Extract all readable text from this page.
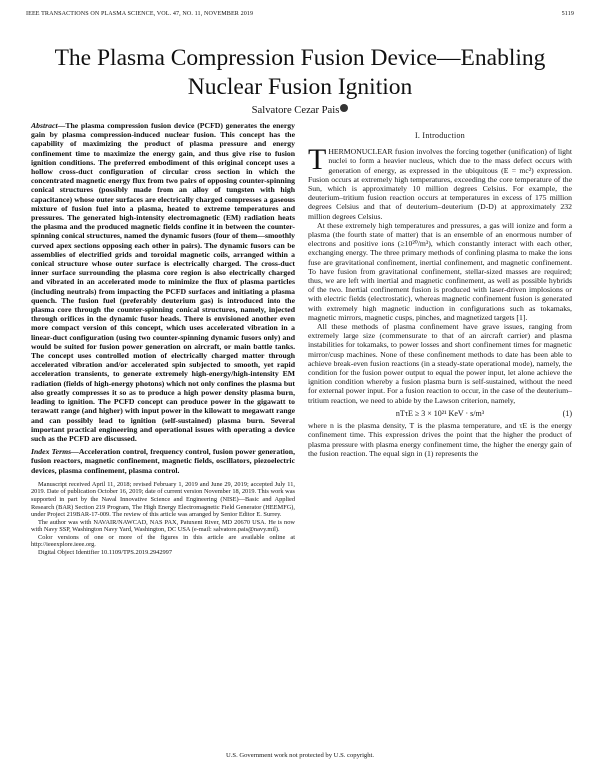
IEEE TRANSACTIONS ON PLASMA SCIENCE, VOL. 47, NO. 11, NOVEMBER 2019	5119
The Plasma Compression Fusion Device—Enabling Nuclear Fusion Ignition
Salvatore Cezar Pais

Abstract—The plasma compression fusion device (PCFD) generates the energy gain by plasma compression-induced nuclear fusion. This concept has the capability of maximizing the product of plasma pressure and energy confinement time to maximize the energy gain, and thus give rise to fusion ignition conditions. The preferred embodiment of this original concept uses a hollow cross-duct configuration of circular cross section in which the concentrated magnetic energy flux from two pairs of opposing counter-spinning conical structures (possibly made from an alloy of tungsten with high capacitance) whose outer surfaces are electrically charged compresses a gaseous mixture of fusion fuel into a plasma, heated to extreme temperatures and pressures. The generated high-intensity electromagnetic (EM) radiation heats the plasma and the produced magnetic fields confine it in between the counter-spinning conical structures, named the dynamic fusors (four of them—smoothly curved apex sections opposing each other in pairs). The dynamic fusors can be assemblies of electrified grids and toroidal magnetic coils, arranged within a conical structure whose outer surface is electrically charged. The cross-duct inner surface surrounding the plasma core region is also electrically charged and vibrated in an accelerated mode to minimize the flux of plasma particles (including neutrals) from impacting the PCFD surfaces and initiating a plasma quench. The fusion fuel (preferably deuterium gas) is introduced into the plasma core through the counter-spinning conical structures, namely, injected through orifices in the dynamic fusor heads. There is envisioned another even more compact version of this concept, which uses accelerated vibration in a linear-duct configuration (using two counter-spinning dynamic fusors only) and would be suited for fusion power generation on aircraft, or main battle tanks. The concept uses controlled motion of electrically charged matter through accelerated vibration and/or accelerated spin subjected to smooth, yet rapid acceleration transients, to generate extremely high-energy/high-intensity EM radiation (fields of high-energy photons) which not only confines the plasma but also greatly compresses it so as to produce a high power density plasma burn, leading to ignition. The PCFD concept can produce power in the gigawatt to terawatt range (and higher) with input power in the kilowatt to megawatt range and can possibly lead to ignition (self-sustained) plasma burn. Several important practical engineering and operational issues with operating a device such as the PCFD are discussed.

Index Terms—Acceleration control, frequency control, fusion power generation, fusion reactors, magnetic confinement, magnetic fields, oscillators, piezoelectric devices, plasma confinement, plasma control.

Manuscript received April 11, 2018; revised February 1, 2019 and June 29, 2019; accepted July 11, 2019. Date of publication October 16, 2019; date of current version November 18, 2019. This work was supported in part by the Naval Innovative Science and Engineering (NISE)—Basic and Applied Research (BAR) Section 219 Program, The High Energy Electromagnetic Field Generator (HEEMFG), under Project 219BAR-17-009. The review of this article was arranged by Senior Editor E. Surrey.

The author was with NAVAIR/NAWCAD, NAS PAX, Patuxent River, MD 20670 USA. He is now with Navy SSP, Washington Navy Yard, Washington, DC USA (e-mail: salvatore.pais@navy.mil).

Color versions of one or more of the figures in this article are available online at http://ieeexplore.ieee.org.

Digital Object Identifier 10.1109/TPS.2019.2942997

I. Introduction

THERMONUCLEAR fusion involves the forcing together (unification) of light nuclei to form a heavier nucleus, which due to the mass defect occurs with generation of energy, as expressed in the ubiquitous (E = mc²) expression. Fusion occurs at extremely high temperatures, exceeding the core temperature of the Sun, which is approximately 10 million degrees Celsius. For example, the deuterium–tritium fusion reaction occurs at temperatures in excess of 175 million degrees Celsius and that of deuterium–deuterium (D-D) at approximately 232 million degrees Celsius.

At these extremely high temperatures and pressures, a gas will ionize and form a plasma (the fourth state of matter) that is an ensemble of an enormous number of electrons and positive ions (≥10²⁰/m³), which constantly interact with each other, exchanging energy. The three primary methods of confining plasma to make the ions fuse are gravitational confinement, inertial confinement, and magnetic confinement. To have fusion from gravitational confinement, stellar-sized masses are required; thus, we are left with inertial and magnetic confinement, as well as possible hybrids of the two. Inertial confinement fusion is produced with laser-driven implosions or with electric fields (electrostatic), whereas magnetic confinement fusion is generated with extremely high magnetic induction in configurations such as tokamaks, magnetic mirrors, magnetic cusps, pinches, and magnetized targets [1].

All these methods of plasma confinement have grave issues, ranging from extremely large size (commensurate to that of an aircraft carrier) and plasma instabilities for tokamaks, to power losses and short confinement times for magnetic mirror/cusp machines. None of these confinement methods to date has been able to achieve break-even fusion reactions (in a steady-state operational mode), namely, the condition for the fusion power output to equal the power input, let alone achieve the ignition condition whereby a fusion plasma burn is self-sustained, without the need for external power input. For a fusion reaction to occur, in the case of the deuterium–tritium reaction, we need to abide by the Lawson criterion, namely,

nTτE ≥ 3 × 10²¹ KeV · s/m³	(1)

where n is the plasma density, T is the plasma temperature, and τE is the energy confinement time. This expression drives the point that the higher the product of plasma pressure with plasma energy confinement time, the higher the energy gain of the fusion reaction. The equal sign in (1) represents the

U.S. Government work not protected by U.S. copyright.
